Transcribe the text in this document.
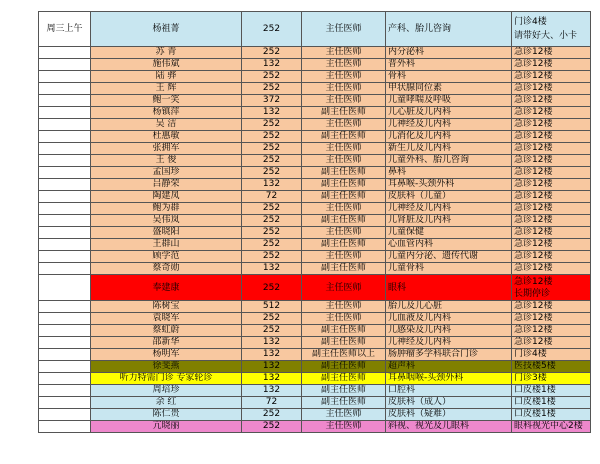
周三上午	杨祖菁	252	主任医师	产科、胎儿咨询	门诊4楼
请带好大、小卡
	苏 青	252	主任医师	内分泌科	急诊12楼
	施伟斌	132	主任医师	普外科	急诊12楼
	陆 骅	252	主任医师	骨科	急诊12楼
	王 辉	252	主任医师	甲状腺同位素	急诊12楼
	鲍一笑	372	主任医师	儿童哮喘及呼吸	急诊12楼
	杨镇萍	132	副主任医师	儿心脏及儿内科	急诊12楼
	吴 洁	252	主任医师	儿神经及儿内科	急诊12楼
	杜惠敏	252	副主任医师	儿消化及儿内科	急诊12楼
	张拥军	252	主任医师	新生儿及儿内科	急诊12楼
	王 俊	252	主任医师	儿童外科、胎儿咨询	急诊12楼
	孟国珍	252	副主任医师	鼻科	急诊12楼
	吕静荣	132	副主任医师	耳鼻喉-头颈外科	急诊12楼
	陶建凤	72	副主任医师	皮肤科（儿童）	急诊12楼
	鲍为群	252	主任医师	儿神经及儿内科	急诊12楼
	吴伟岚	252	副主任医师	儿肾脏及儿内科	急诊12楼
	盛晓阳	252	主任医师	儿童保健	急诊12楼
	王群山	252	副主任医师	心血管内科	急诊12楼
	顾学范	252	主任医师	儿童内分泌、遗传代谢	急诊12楼
	蔡奇勋	132	副主任医师	儿童骨科	急诊12楼
	奉建康	252	主任医师	眼科	急诊12楼
长期停诊
	陈树宝	512	主任医师	胎儿及儿心脏	急诊12楼
	袁晓军	252	主任医师	儿血液及儿内科	急诊12楼
	蔡虹蔚	252	副主任医师	儿感染及儿内科	急诊12楼
	邵新华	132	副主任医师	儿神经及儿内科	急诊12楼
	杨明军	132	副主任医师以上	肠肿瘤多学科联合门诊	门诊4楼
	徐斐燕	132	副主任医师	超声科	医技楼5楼
	听力特需门诊 专家轮诊	132	副主任医师	耳鼻咽喉-头颈外科	门诊3楼
	周培珍	132	副主任医师	口腔科	口皮楼1楼
	余 红	72	副主任医师	皮肤科（成人）	口皮楼1楼
	陈仁贵	252	主任医师	皮肤科（疑难）	口皮楼1楼
	亢晓丽	252	主任医师	斜视、视光及儿眼科	眼科视光中心2楼
